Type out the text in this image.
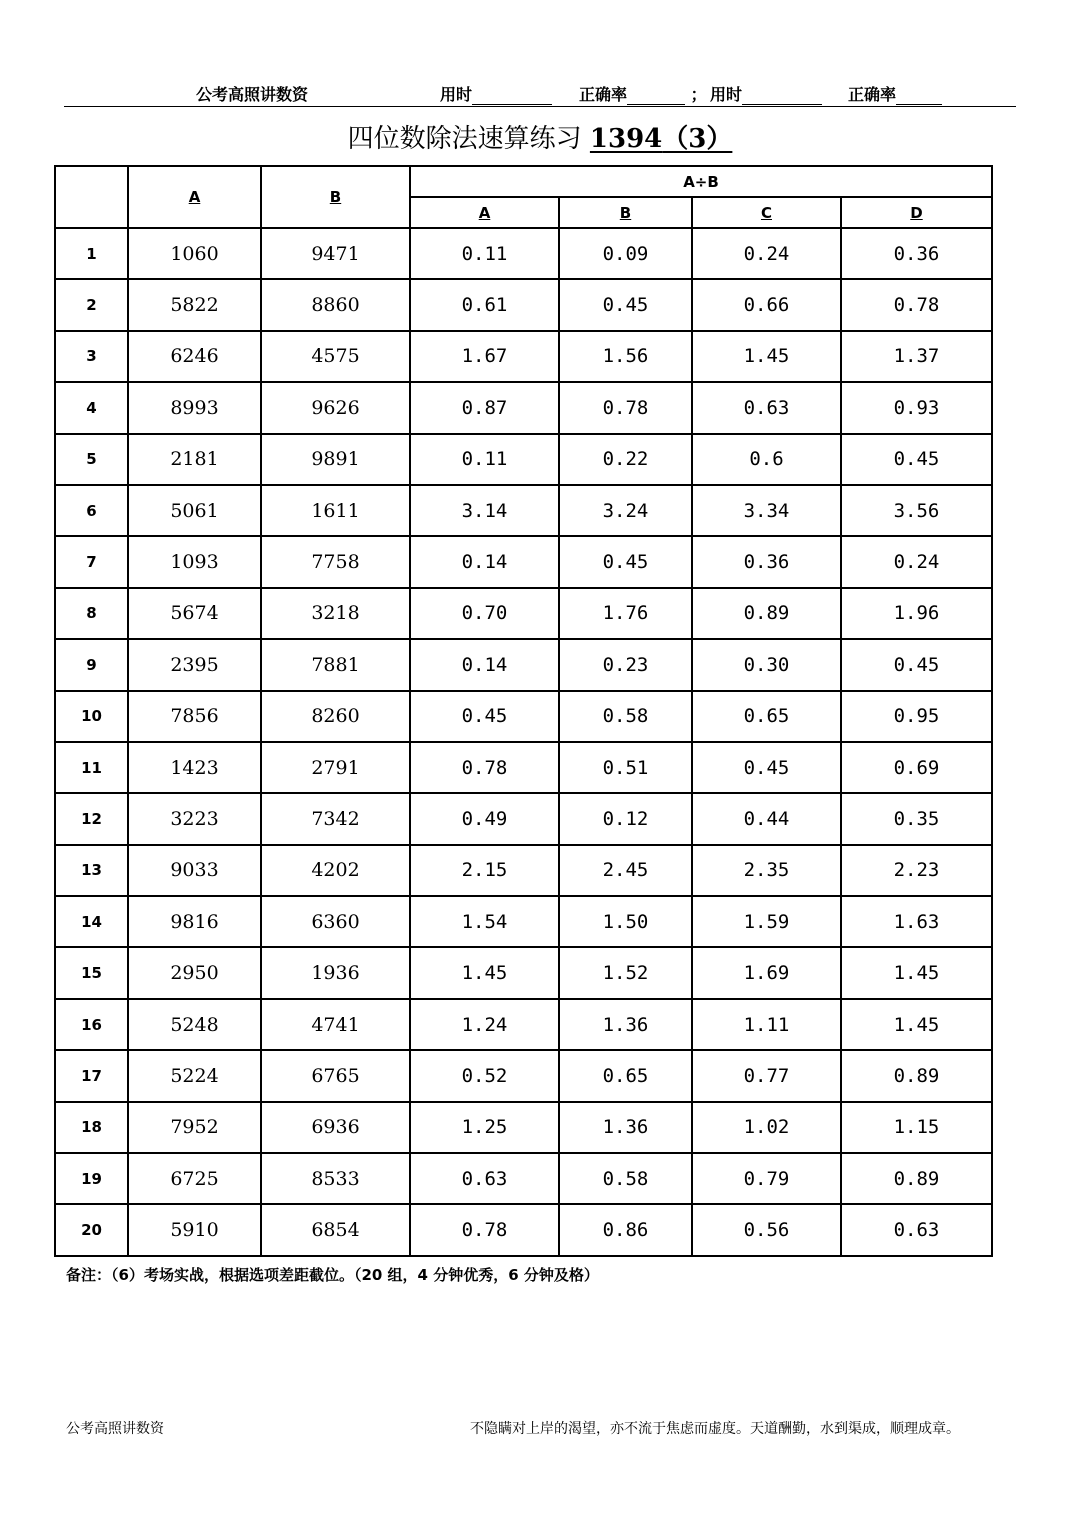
公考高照讲数资	用时	正确率	； 用时	正确率
四位数除法速算练习 1394（3）
	A	B	A÷B			
			A	B	C	D
1	1060	9471	0.11	0.09	0.24	0.36
2	5822	8860	0.61	0.45	0.66	0.78
3	6246	4575	1.67	1.56	1.45	1.37
4	8993	9626	0.87	0.78	0.63	0.93
5	2181	9891	0.11	0.22	0.6	0.45
6	5061	1611	3.14	3.24	3.34	3.56
7	1093	7758	0.14	0.45	0.36	0.24
8	5674	3218	0.70	1.76	0.89	1.96
9	2395	7881	0.14	0.23	0.30	0.45
10	7856	8260	0.45	0.58	0.65	0.95
11	1423	2791	0.78	0.51	0.45	0.69
12	3223	7342	0.49	0.12	0.44	0.35
13	9033	4202	2.15	2.45	2.35	2.23
14	9816	6360	1.54	1.50	1.59	1.63
15	2950	1936	1.45	1.52	1.69	1.45
16	5248	4741	1.24	1.36	1.11	1.45
17	5224	6765	0.52	0.65	0.77	0.89
18	7952	6936	1.25	1.36	1.02	1.15
19	6725	8533	0.63	0.58	0.79	0.89
20	5910	6854	0.78	0.86	0.56	0.63
备注：（6）考场实战，根据选项差距截位。（20 组，4 分钟优秀，6 分钟及格）
公考高照讲数资	不隐瞒对上岸的渴望，亦不流于焦虑而虚度。天道酬勤，水到渠成，顺理成章。
